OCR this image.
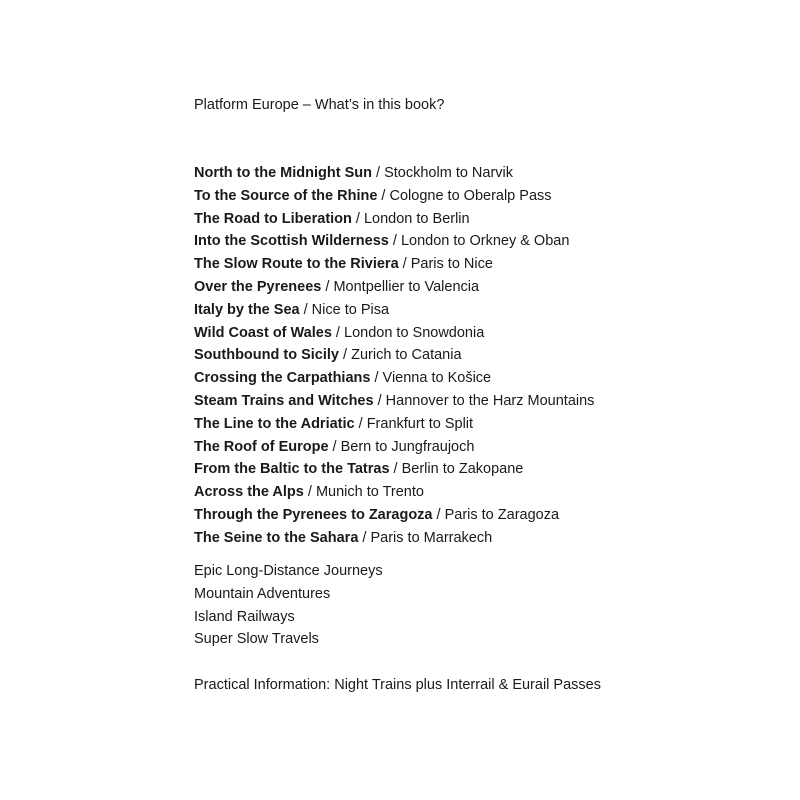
Platform Europe – What’s in this book?
North to the Midnight Sun / Stockholm to Narvik
To the Source of the Rhine / Cologne to Oberalp Pass
The Road to Liberation / London to Berlin
Into the Scottish Wilderness / London to Orkney & Oban
The Slow Route to the Riviera / Paris to Nice
Over the Pyrenees / Montpellier to Valencia
Italy by the Sea / Nice to Pisa
Wild Coast of Wales / London to Snowdonia
Southbound to Sicily / Zurich to Catania
Crossing the Carpathians / Vienna to Košice
Steam Trains and Witches / Hannover to the Harz Mountains
The Line to the Adriatic / Frankfurt to Split
The Roof of Europe / Bern to Jungfraujoch
From the Baltic to the Tatras / Berlin to Zakopane
Across the Alps / Munich to Trento
Through the Pyrenees to Zaragoza / Paris to Zaragoza
The Seine to the Sahara / Paris to Marrakech
Epic Long-Distance Journeys
Mountain Adventures
Island Railways
Super Slow Travels
Practical Information: Night Trains plus Interrail & Eurail Passes
